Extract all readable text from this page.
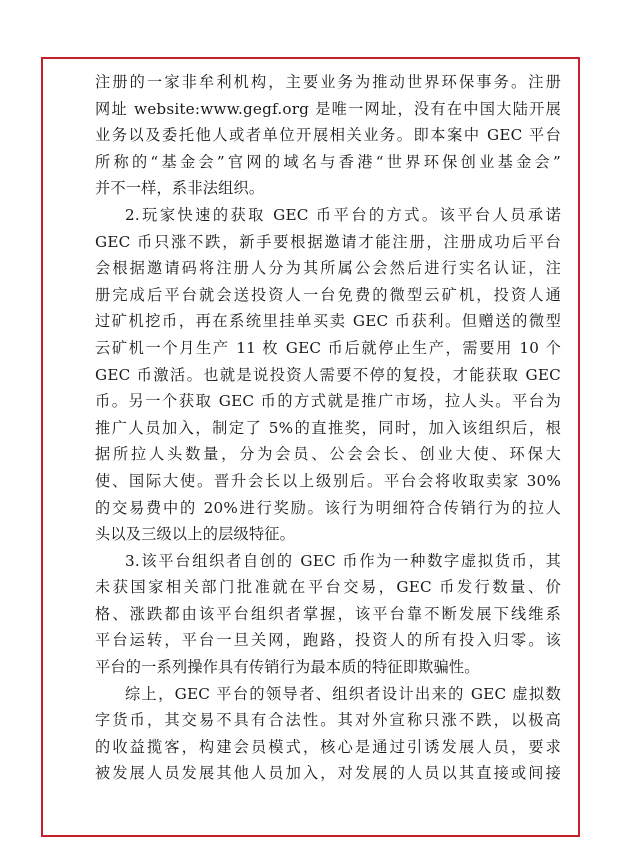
注册的一家非牟利机构，主要业务为推动世界环保事务。注册
网址 website:www.gegf.org 是唯一网址，没有在中国大陆开展
业务以及委托他人或者单位开展相关业务。即本案中 GEC 平台
所称的“基金会”官网的域名与香港“世界环保创业基金会”
并不一样，系非法组织。
2.玩家快速的获取 GEC 币平台的方式。该平台人员承诺
GEC 币只涨不跌，新手要根据邀请才能注册，注册成功后平台
会根据邀请码将注册人分为其所属公会然后进行实名认证，注
册完成后平台就会送投资人一台免费的微型云矿机，投资人通
过矿机挖币，再在系统里挂单买卖 GEC 币获利。但赠送的微型
云矿机一个月生产 11 枚 GEC 币后就停止生产，需要用 10 个
GEC 币激活。也就是说投资人需要不停的复投，才能获取 GEC
币。另一个获取 GEC 币的方式就是推广市场，拉人头。平台为
推广人员加入，制定了 5%的直推奖，同时，加入该组织后，根
据所拉人头数量，分为会员、公会会长、创业大使、环保大
使、国际大使。晋升会长以上级别后。平台会将收取卖家 30%
的交易费中的 20%进行奖励。该行为明细符合传销行为的拉人
头以及三级以上的层级特征。
3.该平台组织者自创的 GEC 币作为一种数字虚拟货币，其
未获国家相关部门批准就在平台交易，GEC 币发行数量、价
格、涨跌都由该平台组织者掌握，该平台靠不断发展下线维系
平台运转，平台一旦关网，跑路，投资人的所有投入归零。该
平台的一系列操作具有传销行为最本质的特征即欺骗性。
综上，GEC 平台的领导者、组织者设计出来的 GEC 虚拟数
字货币，其交易不具有合法性。其对外宣称只涨不跌，以极高
的收益揽客，构建会员模式，核心是通过引诱发展人员，要求
被发展人员发展其他人员加入，对发展的人员以其直接或间接
